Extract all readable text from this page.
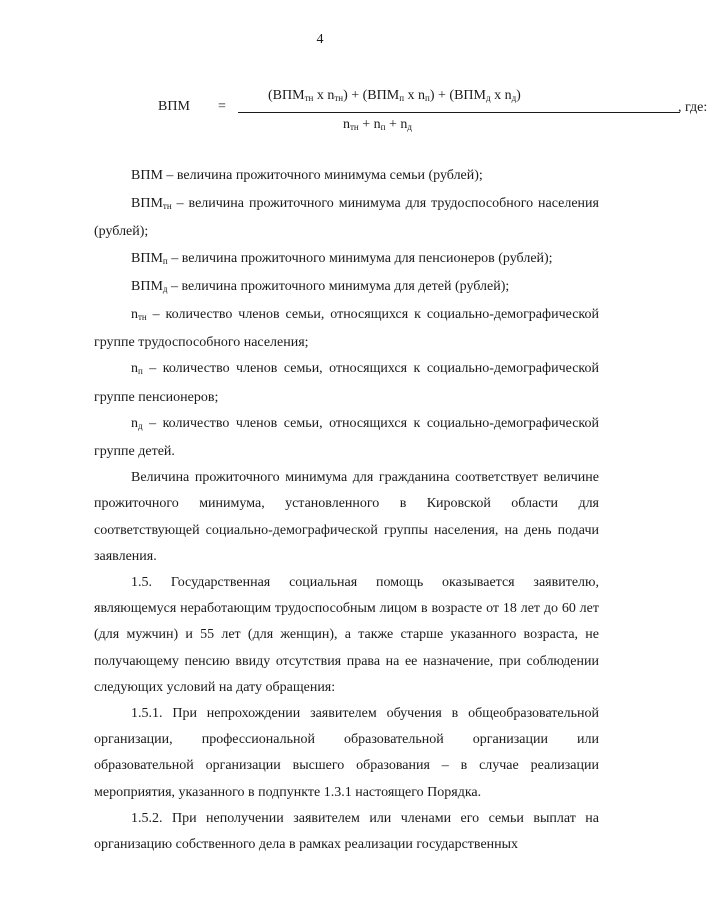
4
ВПМ =
($ВПМ_{тн}$ х $n_{тн}) + (ВПМ_п$ х $n_п) + (ВПМ_д$ х $n_д$)
$n_{тн} + n_п + n_д$
, где:

ВПМ – величина прожиточного минимума семьи (рублей);

$ВПМ_{тн}$ – величина прожиточного минимума для трудоспособного населения (рублей);

$ВПМ_п$ – величина прожиточного минимума для пенсионеров (рублей);

$ВПМ_д$ – величина прожиточного минимума для детей (рублей);

$n_{тн}$ – количество членов семьи, относящихся к социально-демографической группе трудоспособного населения;

$n_п$ – количество членов семьи, относящихся к социально-демографической группе пенсионеров;

$n_д$ – количество членов семьи, относящихся к социально-демографической группе детей.

Величина прожиточного минимума для гражданина соответствует величине прожиточного минимума, установленного в Кировской области для соответствующей социально-демографической группы населения, на день подачи заявления.

1.5. Государственная социальная помощь оказывается заявителю, являющемуся неработающим трудоспособным лицом в возрасте от 18 лет до 60 лет (для мужчин) и 55 лет (для женщин), а также старше указанного возраста, не получающему пенсию ввиду отсутствия права на ее назначение, при соблюдении следующих условий на дату обращения:

1.5.1. При непрохождении заявителем обучения в общеобразовательной организации, профессиональной образовательной организации или образовательной организации высшего образования – в случае реализации мероприятия, указанного в подпункте 1.3.1 настоящего Порядка.

1.5.2. При неполучении заявителем или членами его семьи выплат на организацию собственного дела в рамках реализации государственных
